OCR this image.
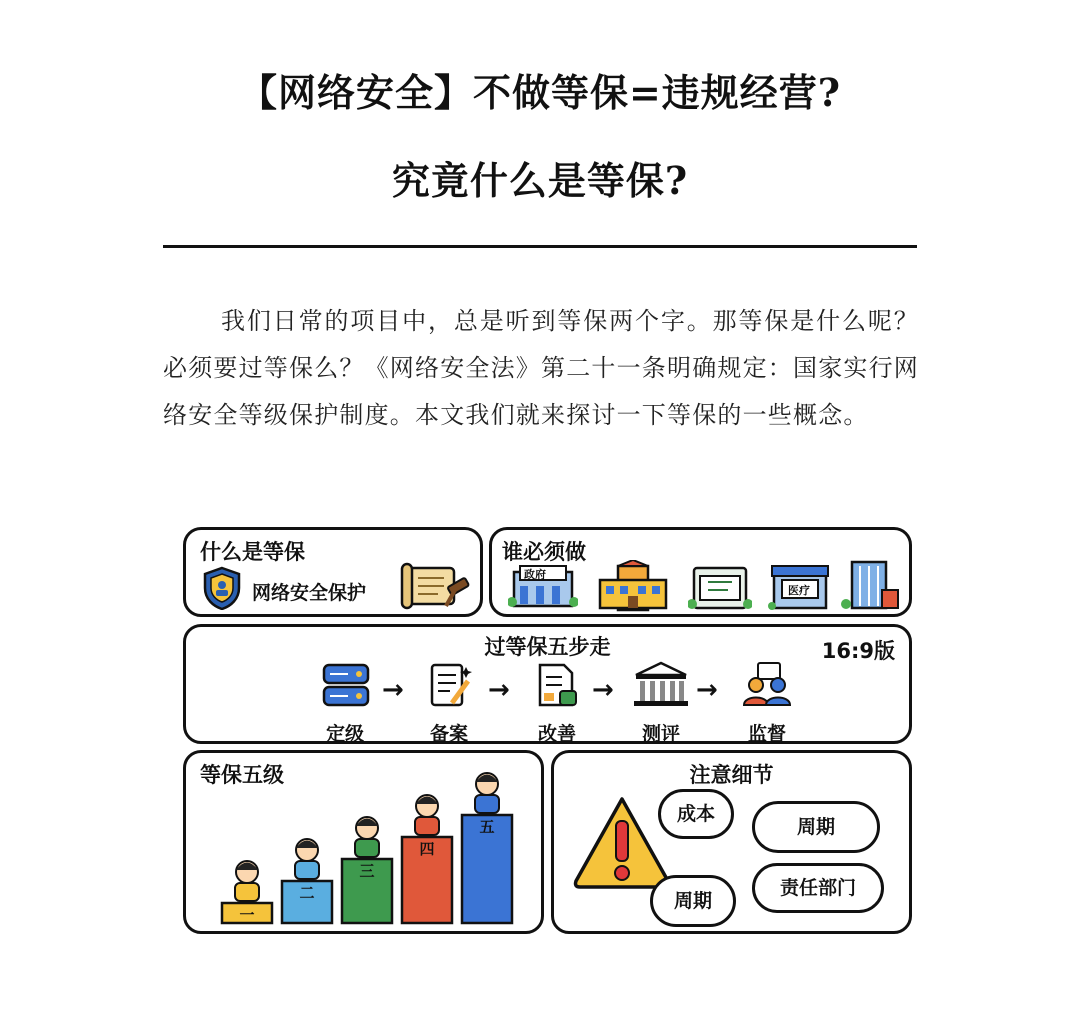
【网络安全】不做等保=违规经营?
究竟什么是等保?

我们日常的项目中，总是听到等保两个字。那等保是什么呢？必须要过等保么？《网络安全法》第二十一条明确规定：国家实行网络安全等级保护制度。本文我们就来探讨一下等保的一些概念。

什么是等保
网络安全保护
谁必须做
政府
医疗
过等保五步走	16:9版
定级
→
备案
→
改善
→
测评
→
监督
等保五级
一
二
三
四
五
注意细节
成本
周期
周期
责任部门
